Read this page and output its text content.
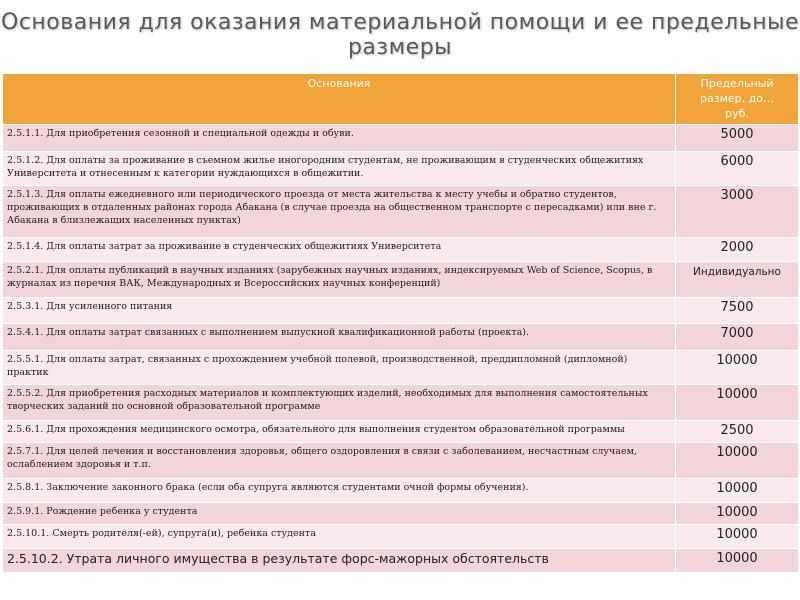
Основания для оказания материальной помощи и ее предельные
размеры
Основания	Предельный
размер, до…
руб.

2.5.1.1. Для приобретения сезонной и специальной одежды и обуви.	5000
2.5.1.2. Для оплаты за проживание в съемном жилье иногородним студентам, не проживающим в студенческих общежитиях Университета и отнесенным к категории нуждающихся в общежитии.	6000
2.5.1.3. Для оплаты ежедневного или периодического проезда от места жительства к месту учебы и обратно студентов, проживающих в отдаленных районах города Абакана (в случае проезда на общественном транспорте с пересадками) или вне г. Абакана в близлежащих населенных пунктах)	3000
2.5.1.4. Для оплаты затрат за проживание в студенческих общежитиях Университета	2000
2.5.2.1. Для оплаты публикаций в научных изданиях (зарубежных научных изданиях, индексируемых Web of Science, Scopus, в журналах из перечня ВАК, Международных и Всероссийских научных конференций)	Индивидуально
2.5.3.1. Для усиленного питания	7500
2.5.4.1. Для оплаты затрат связанных с выполнением выпускной квалификационной работы (проекта).	7000
2.5.5.1. Для оплаты затрат, связанных с прохождением учебной полевой, производственной, преддипломной (дипломной) практик	10000
2.5.5.2. Для приобретения расходных материалов и комплектующих изделий, необходимых для выполнения самостоятельных творческих заданий по основной образовательной программе	10000
2.5.6.1. Для прохождения медицинского осмотра, обязательного для выполнения студентом образовательной программы	2500
2.5.7.1. Для целей лечения и восстановления здоровья, общего оздоровления в связи с заболеванием, несчастным случаем, ослаблением здоровья и т.п.	10000
2.5.8.1. Заключение законного брака (если оба супруга являются студентами очной формы обучения).	10000
2.5.9.1. Рождение ребенка у студента	10000
2.5.10.1. Смерть родителя(-ей), супруга(и), ребенка студента	10000
2.5.10.2. Утрата личного имущества в результате форс-мажорных обстоятельств	10000
